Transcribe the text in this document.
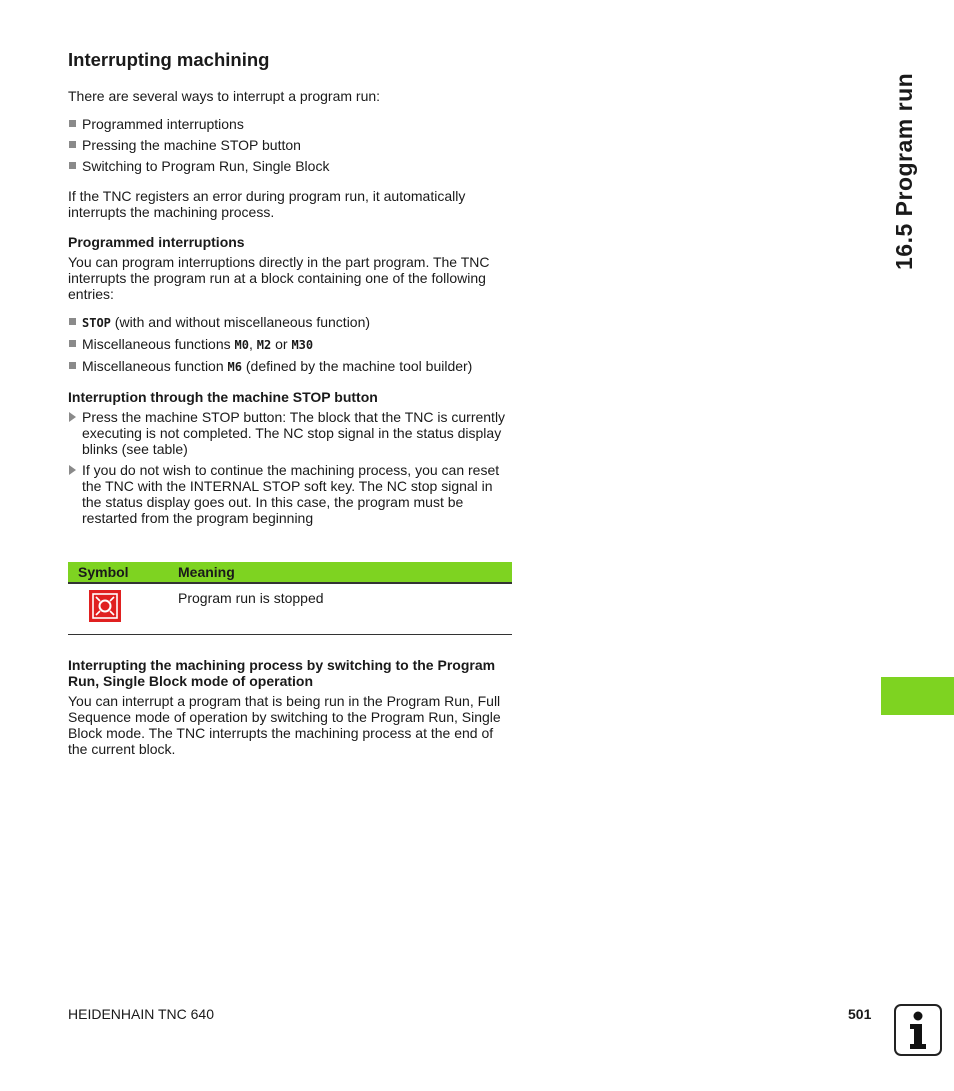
Interrupting machining

There are several ways to interrupt a program run:

Programmed interruptions
Pressing the machine STOP button
Switching to Program Run, Single Block

If the TNC registers an error during program run, it automatically interrupts the machining process.

Programmed interruptions

You can program interruptions directly in the part program. The TNC interrupts the program run at a block containing one of the following entries:

STOP (with and without miscellaneous function)
Miscellaneous functions M0, M2 or M30
Miscellaneous function M6 (defined by the machine tool builder)
Interruption through the machine STOP button
Press the machine STOP button: The block that the TNC is currently executing is not completed. The NC stop signal in the status display blinks (see table)
If you do not wish to continue the machining process, you can reset the TNC with the INTERNAL STOP soft key. The NC stop signal in the status display goes out. In this case, the program must be restarted from the program beginning
Symbol	Meaning

	Program run is stopped
Interrupting the machining process by switching to the Program Run, Single Block mode of operation

You can interrupt a program that is being run in the Program Run, Full Sequence mode of operation by switching to the Program Run, Single Block mode. The TNC interrupts the machining process at the end of the current block.

16.5 Program run
HEIDENHAIN TNC 640	501
